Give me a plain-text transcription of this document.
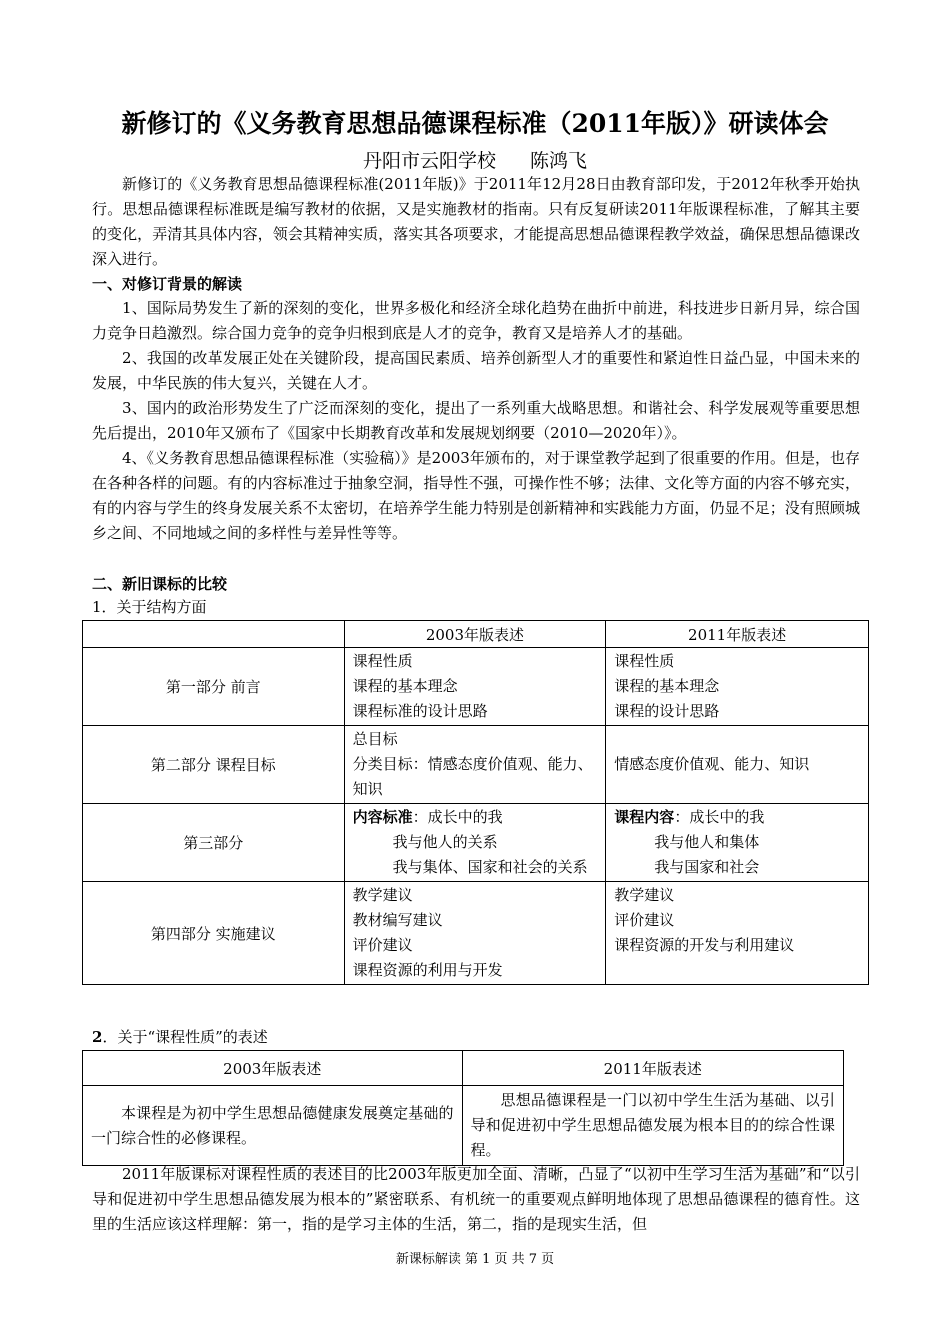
新修订的《义务教育思想品德课程标准（2011年版）》研读体会
丹阳市云阳学校 陈鸿飞

新修订的《义务教育思想品德课程标准(2011年版)》于2011年12月28日由教育部印发，于2012年秋季开始执行。思想品德课程标准既是编写教材的依据，又是实施教材的指南。只有反复研读2011年版课程标准，了解其主要的变化，弄清其具体内容，领会其精神实质，落实其各项要求，才能提高思想品德课程教学效益，确保思想品德课改深入进行。

一、对修订背景的解读

1、国际局势发生了新的深刻的变化，世界多极化和经济全球化趋势在曲折中前进，科技进步日新月异，综合国力竞争日趋激烈。综合国力竞争的竞争归根到底是人才的竞争，教育又是培养人才的基础。

2、我国的改革发展正处在关键阶段，提高国民素质、培养创新型人才的重要性和紧迫性日益凸显，中国未来的发展，中华民族的伟大复兴，关键在人才。

3、国内的政治形势发生了广泛而深刻的变化，提出了一系列重大战略思想。和谐社会、科学发展观等重要思想先后提出，2010年又颁布了《国家中长期教育改革和发展规划纲要（2010—2020年）》。

4、《义务教育思想品德课程标准（实验稿）》是2003年颁布的，对于课堂教学起到了很重要的作用。但是，也存在各种各样的问题。有的内容标准过于抽象空洞，指导性不强，可操作性不够；法律、文化等方面的内容不够充实，有的内容与学生的终身发展关系不太密切，在培养学生能力特别是创新精神和实践能力方面，仍显不足；没有照顾城乡之间、不同地域之间的多样性与差异性等等。

二、新旧课标的比较
1．关于结构方面
	2003年版表述	2011年版表述
第一部分 前言	课程性质
课程的基本理念
课程标准的设计思路	课程性质
课程的基本理念
课程的设计思路

第二部分 课程目标	总目标
分类目标：情感态度价值观、能力、知识	情感态度价值观、能力、知识

第三部分	内容标准：成长中的我
我与他人的关系
我与集体、国家和社会的关系	课程内容：成长中的我
我与他人和集体
我与国家和社会

第四部分 实施建议	教学建议
教材编写建议
评价建议
课程资源的利用与开发	教学建议
评价建议
课程资源的开发与利用建议
2．关于“课程性质”的表述
2003年版表述	2011年版表述
本课程是为初中学生思想品德健康发展奠定基础的一门综合性的必修课程。	思想品德课程是一门以初中学生生活为基础、以引导和促进初中学生思想品德发展为根本目的的综合性课程。

2011年版课标对课程性质的表述目的比2003年版更加全面、清晰，凸显了“以初中生学习生活为基础”和“以引导和促进初中学生思想品德发展为根本的”紧密联系、有机统一的重要观点鲜明地体现了思想品德课程的德育性。这里的生活应该这样理解：第一，指的是学习主体的生活，第二，指的是现实生活，但

新课标解读 第 1 页 共 7 页
